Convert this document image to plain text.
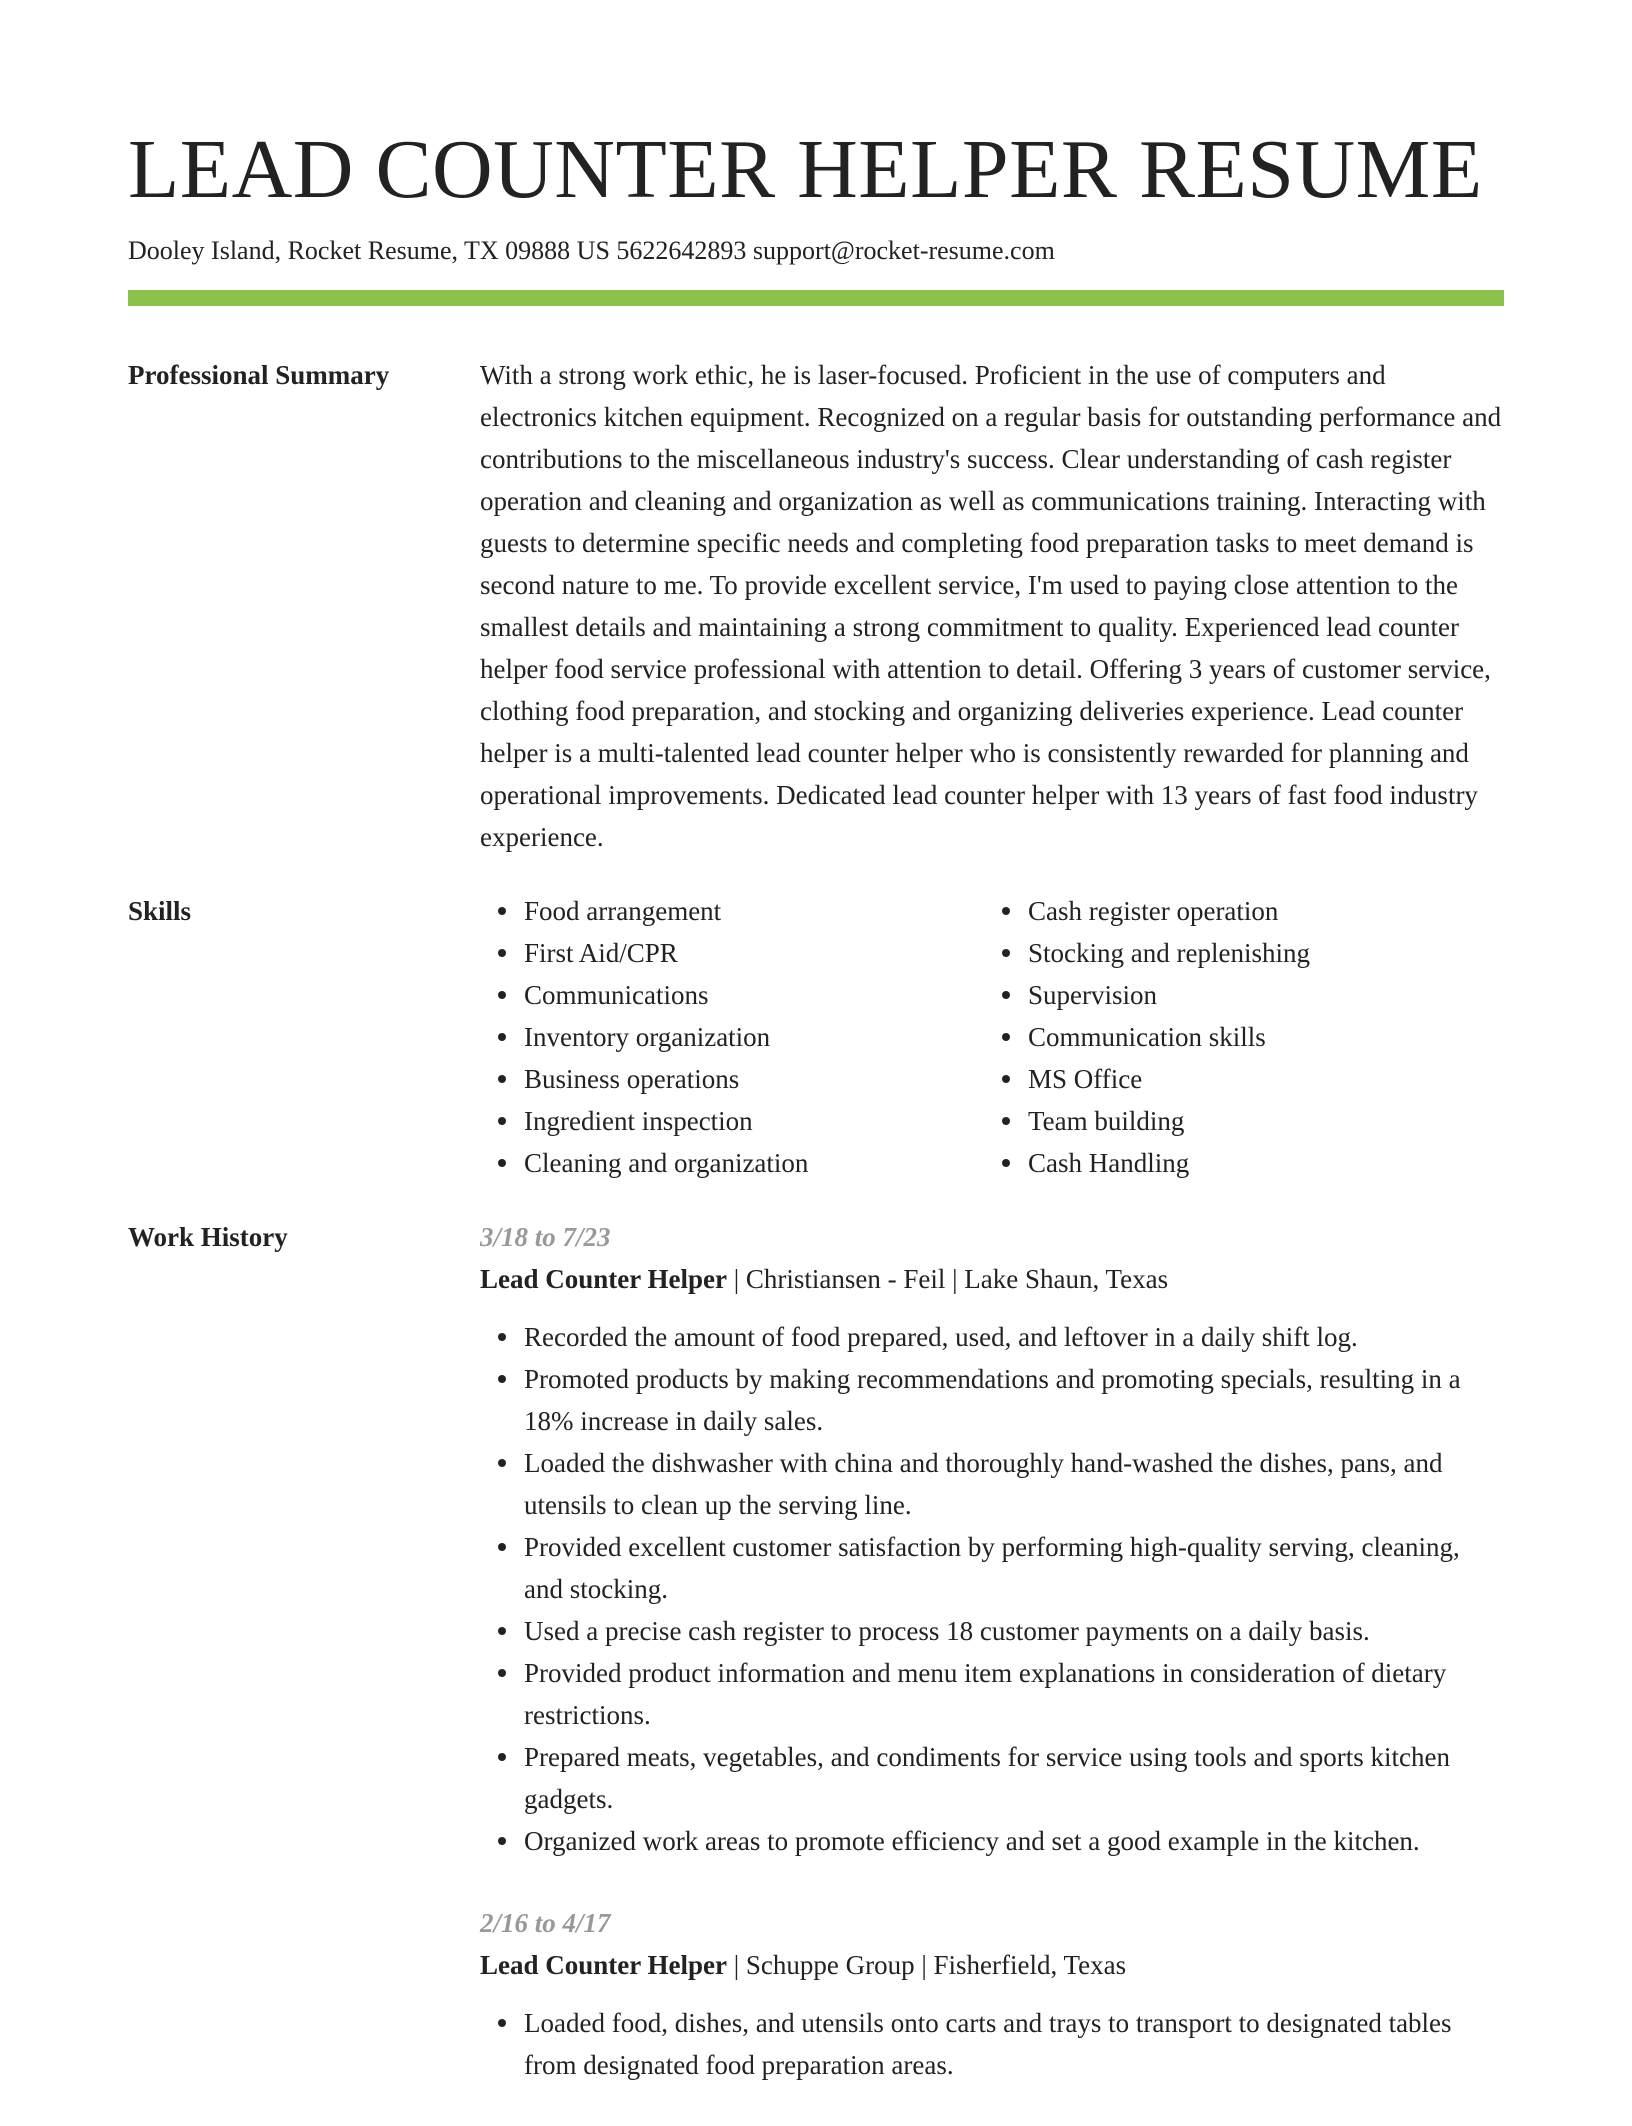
LEAD COUNTER HELPER RESUME
Dooley Island, Rocket Resume, TX 09888 US 5622642893 support@rocket-resume.com
Professional Summary	With a strong work ethic, he is laser-focused. Proficient in the use of computers and electronics kitchen equipment. Recognized on a regular basis for outstanding performance and contributions to the miscellaneous industry's success. Clear understanding of cash register operation and cleaning and organization as well as communications training. Interacting with guests to determine specific needs and completing food preparation tasks to meet demand is second nature to me. To provide excellent service, I'm used to paying close attention to the smallest details and maintaining a strong commitment to quality. Experienced lead counter helper food service professional with attention to detail. Offering 3 years of customer service, clothing food preparation, and stocking and organizing deliveries experience. Lead counter helper is a multi-talented lead counter helper who is consistently rewarded for planning and operational improvements. Dedicated lead counter helper with 13 years of fast food industry experience.

Skills	Food arrangement
First Aid/CPR
Communications
Inventory organization
Business operations
Ingredient inspection
Cleaning and organization
Cash register operation
Stocking and replenishing
Supervision
Communication skills
MS Office
Team building
Cash Handling
Work History	3/18 to 7/23
Lead Counter Helper | Christiansen - Feil | Lake Shaun, Texas
Recorded the amount of food prepared, used, and leftover in a daily shift log.
Promoted products by making recommendations and promoting specials, resulting in a 18% increase in daily sales.
Loaded the dishwasher with china and thoroughly hand-washed the dishes, pans, and utensils to clean up the serving line.
Provided excellent customer satisfaction by performing high-quality serving, cleaning, and stocking.
Used a precise cash register to process 18 customer payments on a daily basis.
Provided product information and menu item explanations in consideration of dietary restrictions.
Prepared meats, vegetables, and condiments for service using tools and sports kitchen gadgets.
Organized work areas to promote efficiency and set a good example in the kitchen.
2/16 to 4/17
Lead Counter Helper | Schuppe Group | Fisherfield, Texas
Loaded food, dishes, and utensils onto carts and trays to transport to designated tables from designated food preparation areas.
